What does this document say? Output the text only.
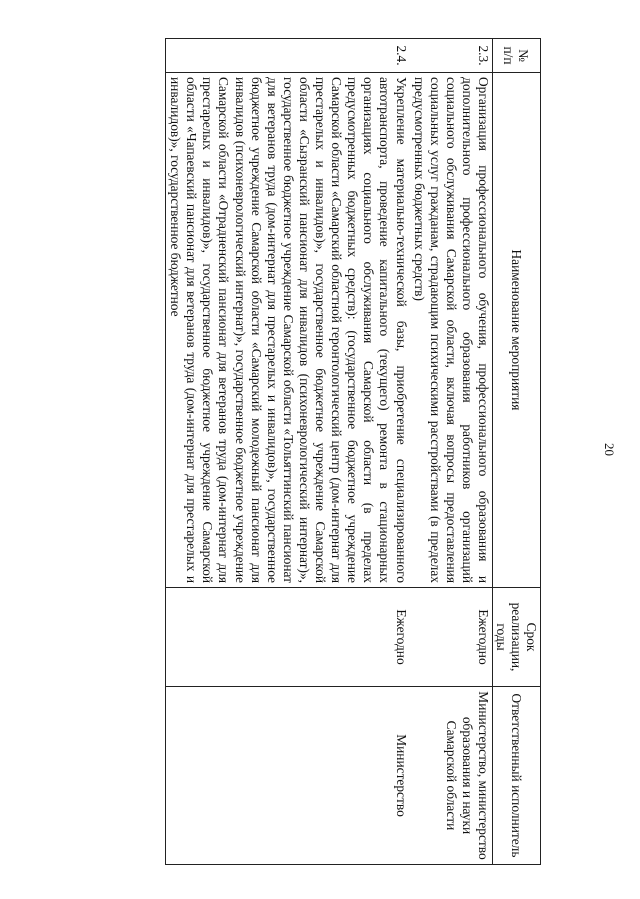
20
№ п/п	Наименование мероприятия	Срок реализации, годы	Ответственный исполнитель
2.3.	Организация профессионального обучения, профессионального образования и дополнительного профессионального образования работников организаций социального обслуживания Самарской области, включая вопросы предоставления социальных услуг гражданам, страдающим психическими расстройствами (в пределах предусмотренных бюджетных средств)	Ежегодно	Министерство, министерство образования и науки Самарской области
2.4.	Укрепление материально-технической базы, приобретение специализированного автотранспорта, проведение капитального (текущего) ремонта в стационарных организациях социального обслуживания Самарской области (в пределах предусмотренных бюджетных средств): (государственное бюджетное учреждение Самарской области «Самарский областной геронтологический центр (дом-интернат для престарелых и инвалидов)», государственное бюджетное учреждение Самарской области «Сызранский пансионат для инвалидов (психоневрологический интернат)», государственное бюджетное учреждение Самарской области «Тольяттинский пансионат для ветеранов труда (дом-интернат для престарелых и инвалидов)», государственное бюджетное учреждение Самарской области «Самарский молодежный пансионат для инвалидов (психоневрологический интернат)», государственное бюджетное учреждение Самарской области «Отрадненский пансионат для ветеранов труда (дом-интернат для престарелых и инвалидов)», государственное бюджетное учреждение Самарской области «Чапаевский пансионат для ветеранов труда (дом-интернат для престарелых и инвалидов)», государственное бюджетное	Ежегодно	Министерство
